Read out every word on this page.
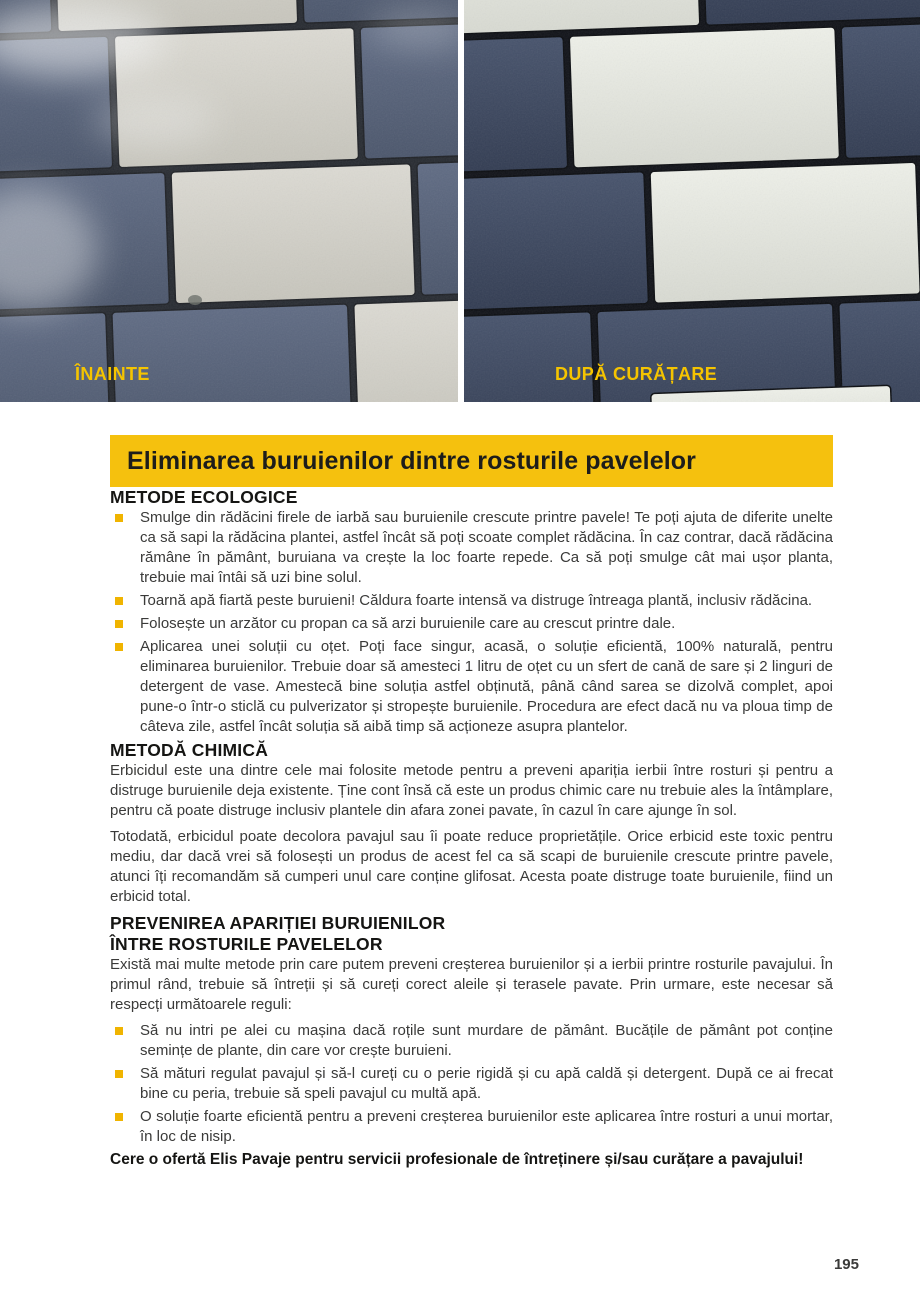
ÎNAINTE	DUPĂ CURĂȚARE
Eliminarea buruienilor dintre rosturile pavelelor
METODE ECOLOGICE
Smulge din rădăcini firele de iarbă sau buruienile crescute printre pavele! Te poți ajuta de diferite unelte ca să sapi la rădăcina plantei, astfel încât să poți scoate complet rădăcina. În caz contrar, dacă rădăcina rămâne în pământ, buruiana va crește la loc foarte repede. Ca să poți smulge cât mai ușor planta, trebuie mai întâi să uzi bine solul.
Toarnă apă fiartă peste buruieni! Căldura foarte intensă va distruge întreaga plantă, inclusiv rădăcina.
Folosește un arzător cu propan ca să arzi buruienile care au crescut printre dale.
Aplicarea unei soluții cu oțet. Poți face singur, acasă, o soluție eficientă, 100% naturală, pentru eliminarea buruienilor. Trebuie doar să amesteci 1 litru de oțet cu un sfert de cană de sare și 2 linguri de detergent de vase. Amestecă bine soluția astfel obținută, până când sarea se dizolvă complet, apoi pune-o într-o sticlă cu pulverizator și stropește buruienile. Procedura are efect dacă nu va ploua timp de câteva zile, astfel încât soluția să aibă timp să acționeze asupra plantelor.
METODĂ CHIMICĂ

Erbicidul este una dintre cele mai folosite metode pentru a preveni apariția ierbii între rosturi și pentru a distruge buruienile deja existente. Ține cont însă că este un produs chimic care nu trebuie ales la întâmplare, pentru că poate distruge inclusiv plantele din afara zonei pavate, în cazul în care ajunge în sol.

Totodată, erbicidul poate decolora pavajul sau îi poate reduce proprietățile. Orice erbicid este toxic pentru mediu, dar dacă vrei să folosești un produs de acest fel ca să scapi de buruienile crescute printre pavele, atunci îți recomandăm să cumperi unul care conține glifosat. Acesta poate distruge toate buruienile, fiind un erbicid total.

PREVENIREA APARIȚIEI BURUIENILOR
ÎNTRE ROSTURILE PAVELELOR

Există mai multe metode prin care putem preveni creșterea buruienilor și a ierbii printre rosturile pavajului. În primul rând, trebuie să întreții și să cureți corect aleile și terasele pavate. Prin urmare, este necesar să respecți următoarele reguli:

Să nu intri pe alei cu mașina dacă roțile sunt murdare de pământ. Bucățile de pământ pot conține semințe de plante, din care vor crește buruieni.
Să mături regulat pavajul și să-l cureți cu o perie rigidă și cu apă caldă și detergent. După ce ai frecat bine cu peria, trebuie să speli pavajul cu multă apă.
O soluție foarte eficientă pentru a preveni creșterea buruienilor este aplicarea între rosturi a unui mortar, în loc de nisip.
Cere o ofertă Elis Pavaje pentru servicii profesionale de întreținere și/sau curățare a pavajului!
195
